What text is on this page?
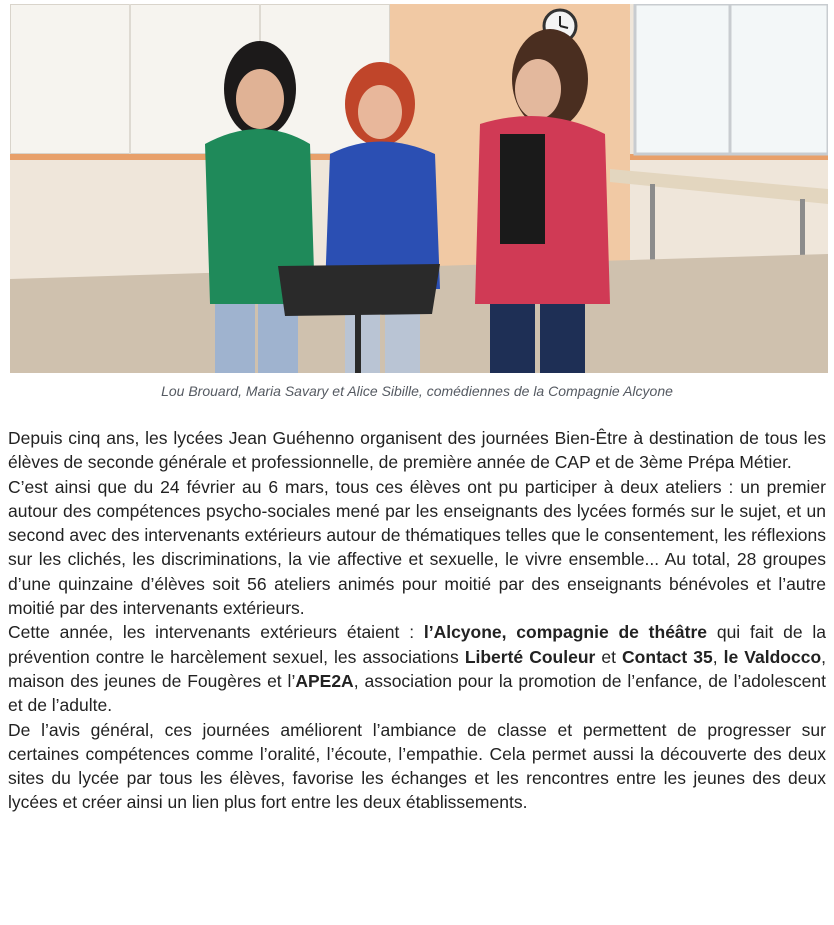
Lou Brouard, Maria Savary et Alice Sibille, comédiennes de la Compagnie Alcyone

Depuis cinq ans, les lycées Jean Guéhenno organisent des journées Bien-Être à destination de tous les élèves de seconde générale et professionnelle, de première année de CAP et de 3ème Prépa Métier.

C’est ainsi que du 24 février au 6 mars, tous ces élèves ont pu participer à deux ateliers : un premier autour des compétences psycho-sociales mené par les enseignants des lycées formés sur le sujet, et un second avec des intervenants extérieurs autour de thématiques telles que le consentement, les réflexions sur les clichés, les discriminations, la vie affective et sexuelle, le vivre ensemble... Au total, 28 groupes d’une quinzaine d’élèves soit 56 ateliers animés pour moitié par des enseignants bénévoles et l’autre moitié par des intervenants extérieurs.

Cette année, les intervenants extérieurs étaient : l’Alcyone, compagnie de théâtre qui fait de la prévention contre le harcèlement sexuel, les associations Liberté Couleur et Contact 35, le Valdocco, maison des jeunes de Fougères et l’APE2A, association pour la promotion de l’enfance, de l’adolescent et de l’adulte.

De l’avis général, ces journées améliorent l’ambiance de classe et permettent de progresser sur certaines compétences comme l’oralité, l’écoute, l’empathie. Cela permet aussi la découverte des deux sites du lycée par tous les élèves, favorise les échanges et les rencontres entre les jeunes des deux lycées et créer ainsi un lien plus fort entre les deux établissements.
